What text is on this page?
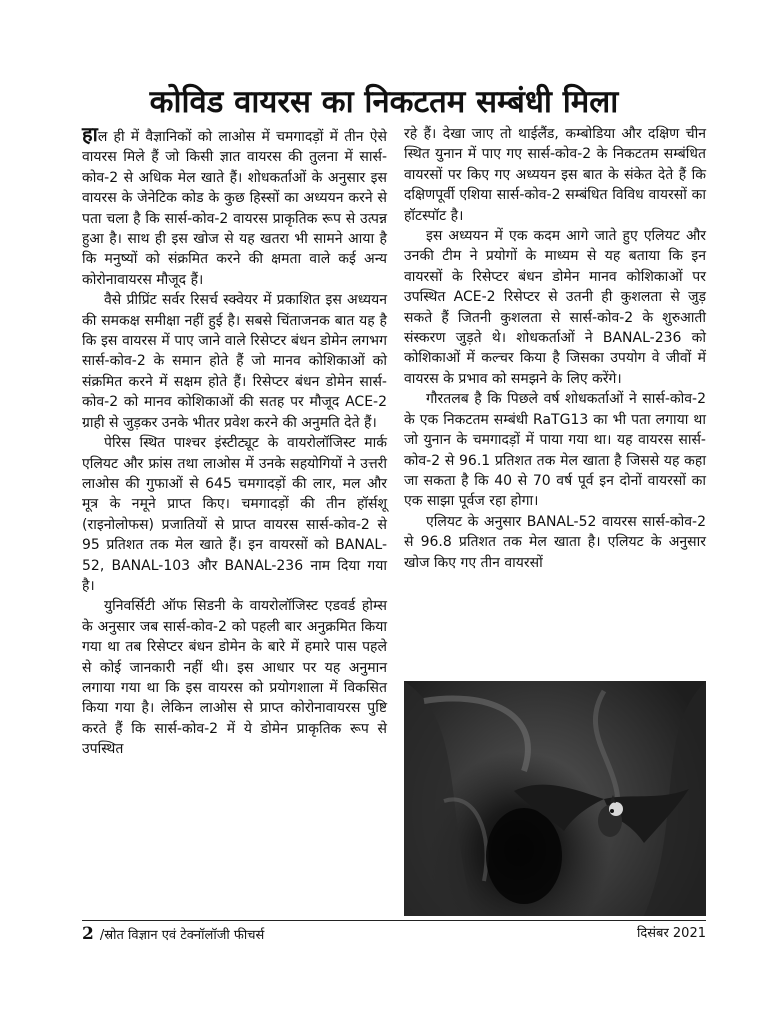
कोविड वायरस का निकटतम सम्बंधी मिला

हाल ही में वैज्ञानिकों को लाओस में चमगादड़ों में तीन ऐसे वायरस मिले हैं जो किसी ज्ञात वायरस की तुलना में सार्स-कोव-2 से अधिक मेल खाते हैं। शोधकर्ताओं के अनुसार इस वायरस के जेनेटिक कोड के कुछ हिस्सों का अध्ययन करने से पता चला है कि सार्स-कोव-2 वायरस प्राकृतिक रूप से उत्पन्न हुआ है। साथ ही इस खोज से यह खतरा भी सामने आया है कि मनुष्यों को संक्रमित करने की क्षमता वाले कई अन्य कोरोनावायरस मौजूद हैं।

वैसे प्रीप्रिंट सर्वर रिसर्च स्क्वेयर में प्रकाशित इस अध्ययन की समकक्ष समीक्षा नहीं हुई है। सबसे चिंताजनक बात यह है कि इस वायरस में पाए जाने वाले रिसेप्टर बंधन डोमेन लगभग सार्स-कोव-2 के समान होते हैं जो मानव कोशिकाओं को संक्रमित करने में सक्षम होते हैं। रिसेप्टर बंधन डोमेन सार्स-कोव-2 को मानव कोशिकाओं की सतह पर मौजूद ACE-2 ग्राही से जुड़कर उनके भीतर प्रवेश करने की अनुमति देते हैं।

पेरिस स्थित पाश्चर इंस्टीट्यूट के वायरोलॉजिस्ट मार्क एलियट और फ्रांस तथा लाओस में उनके सहयोगियों ने उत्तरी लाओस की गुफाओं से 645 चमगादड़ों की लार, मल और मूत्र के नमूने प्राप्त किए। चमगादड़ों की तीन हॉर्सशू (राइनोलोफस) प्रजातियों से प्राप्त वायरस सार्स-कोव-2 से 95 प्रतिशत तक मेल खाते हैं। इन वायरसों को BANAL-52, BANAL-103 और BANAL-236 नाम दिया गया है।

युनिवर्सिटी ऑफ सिडनी के वायरोलॉजिस्ट एडवर्ड होम्स के अनुसार जब सार्स-कोव-2 को पहली बार अनुक्रमित किया गया था तब रिसेप्टर बंधन डोमेन के बारे में हमारे पास पहले से कोई जानकारी नहीं थी। इस आधार पर यह अनुमान लगाया गया था कि इस वायरस को प्रयोगशाला में विकसित किया गया है। लेकिन लाओस से प्राप्त कोरोनावायरस पुष्टि करते हैं कि सार्स-कोव-2 में ये डोमेन प्राकृतिक रूप से उपस्थित

रहे हैं। देखा जाए तो थाईलैंड, कम्बोडिया और दक्षिण चीन स्थित युनान में पाए गए सार्स-कोव-2 के निकटतम सम्बंधित वायरसों पर किए गए अध्ययन इस बात के संकेत देते हैं कि दक्षिणपूर्वी एशिया सार्स-कोव-2 सम्बंधित विविध वायरसों का हॉटस्पॉट है।

इस अध्ययन में एक कदम आगे जाते हुए एलियट और उनकी टीम ने प्रयोगों के माध्यम से यह बताया कि इन वायरसों के रिसेप्टर बंधन डोमेन मानव कोशिकाओं पर उपस्थित ACE-2 रिसेप्टर से उतनी ही कुशलता से जुड़ सकते हैं जितनी कुशलता से सार्स-कोव-2 के शुरुआती संस्करण जुड़ते थे। शोधकर्ताओं ने BANAL-236 को कोशिकाओं में कल्चर किया है जिसका उपयोग वे जीवों में वायरस के प्रभाव को समझने के लिए करेंगे।

गौरतलब है कि पिछले वर्ष शोधकर्ताओं ने सार्स-कोव-2 के एक निकटतम सम्बंधी RaTG13 का भी पता लगाया था जो युनान के चमगादड़ों में पाया गया था। यह वायरस सार्स-कोव-2 से 96.1 प्रतिशत तक मेल खाता है जिससे यह कहा जा सकता है कि 40 से 70 वर्ष पूर्व इन दोनों वायरसों का एक साझा पूर्वज रहा होगा।

एलियट के अनुसार BANAL-52 वायरस सार्स-कोव-2 से 96.8 प्रतिशत तक मेल खाता है। एलियट के अनुसार खोज किए गए तीन वायरसों

2 /स्रोत विज्ञान एवं टेक्नॉलॉजी फीचर्स	दिसंबर 2021
